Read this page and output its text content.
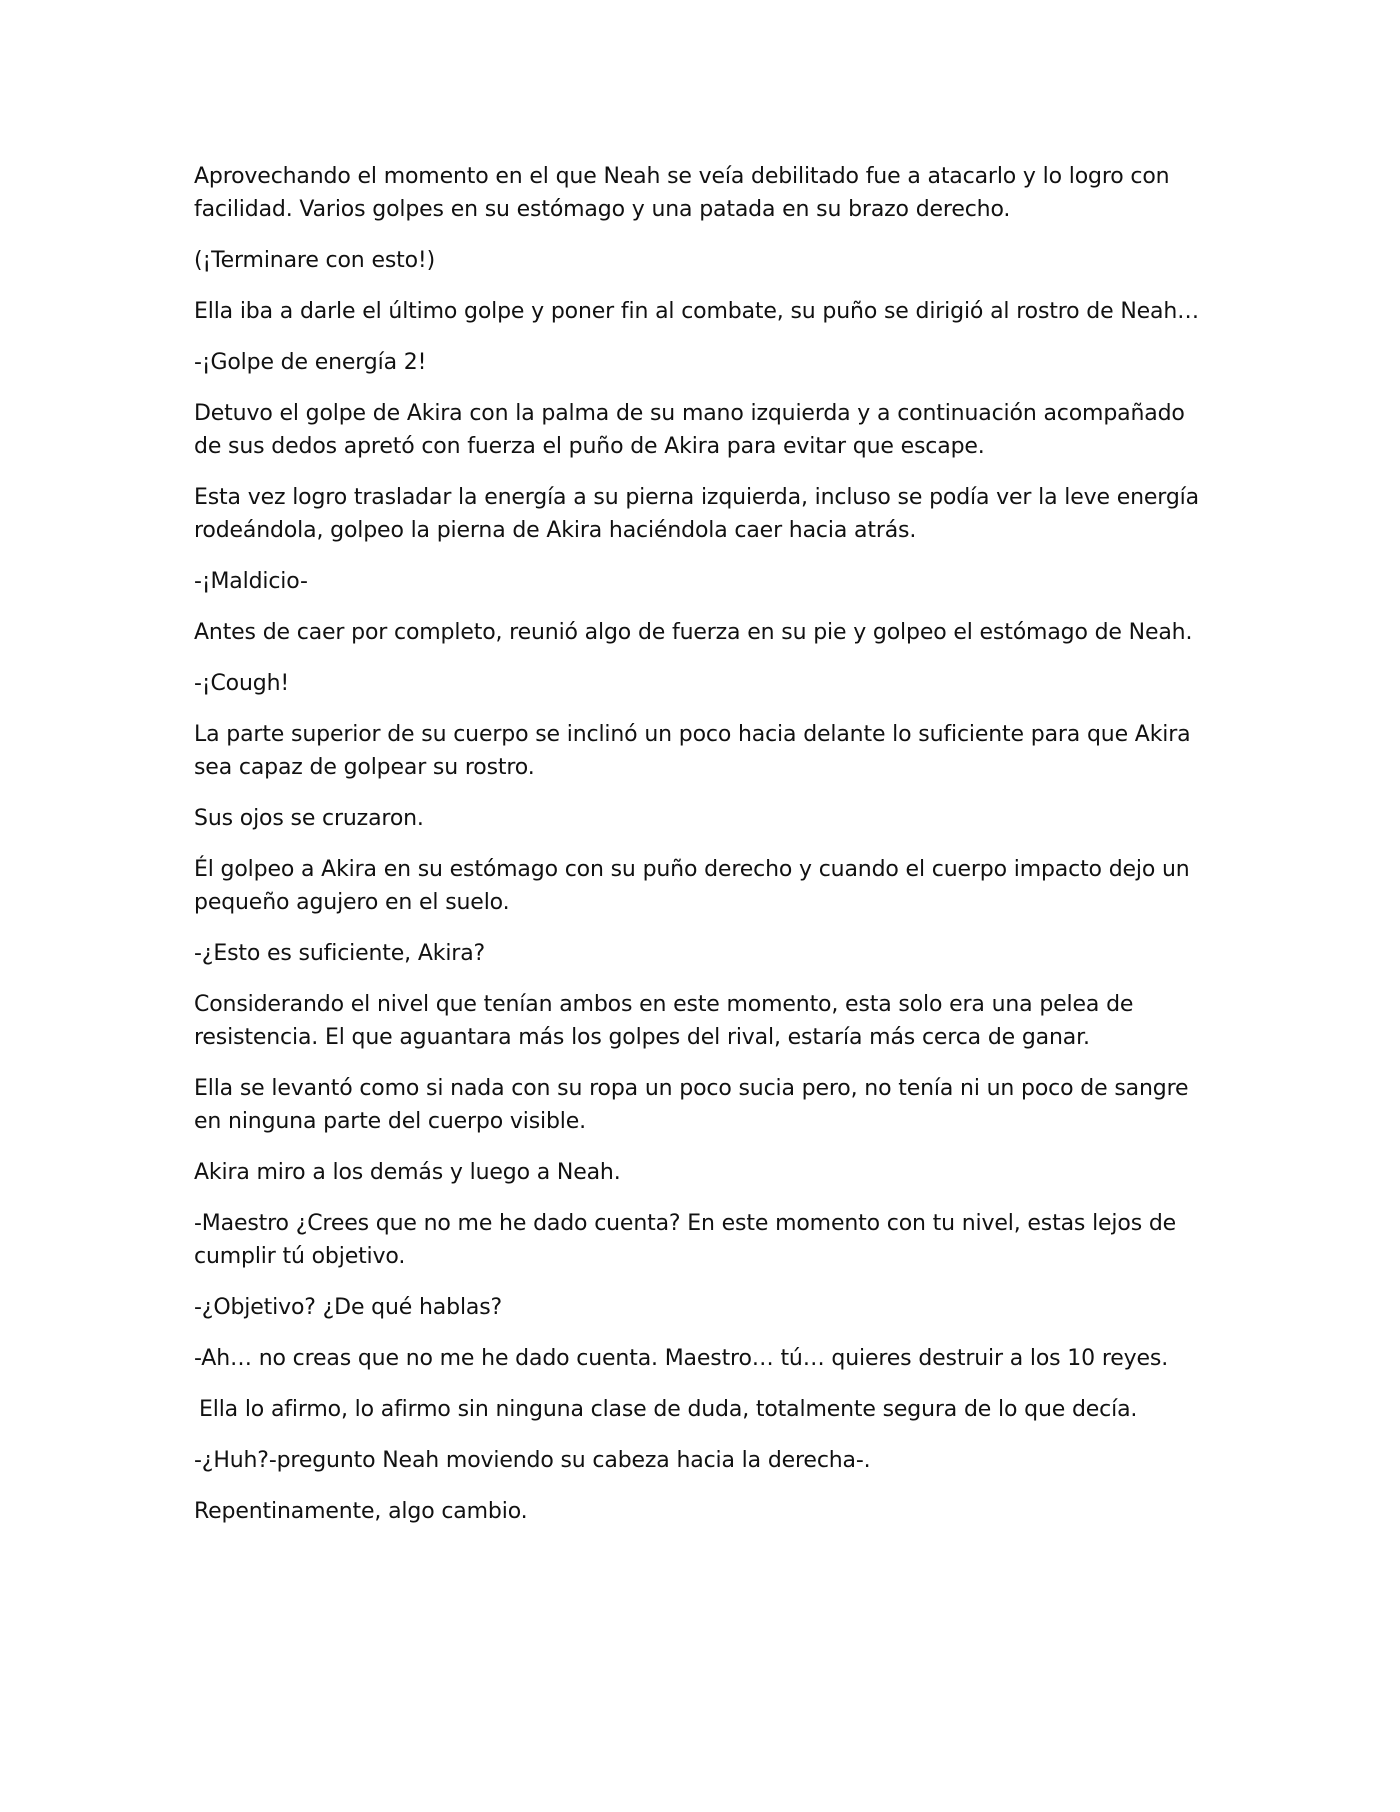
Aprovechando el momento en el que Neah se veía debilitado fue a atacarlo y lo logro con facilidad. Varios golpes en su estómago y una patada en su brazo derecho.

(¡Terminare con esto!)

Ella iba a darle el último golpe y poner fin al combate, su puño se dirigió al rostro de Neah…

-¡Golpe de energía 2!

Detuvo el golpe de Akira con la palma de su mano izquierda y a continuación acompañado de sus dedos apretó con fuerza el puño de Akira para evitar que escape.

Esta vez logro trasladar la energía a su pierna izquierda, incluso se podía ver la leve energía rodeándola, golpeo la pierna de Akira haciéndola caer hacia atrás.

-¡Maldicio-

Antes de caer por completo, reunió algo de fuerza en su pie y golpeo el estómago de Neah.

-¡Cough!

La parte superior de su cuerpo se inclinó un poco hacia delante lo suficiente para que Akira sea capaz de golpear su rostro.

Sus ojos se cruzaron.

Él golpeo a Akira en su estómago con su puño derecho y cuando el cuerpo impacto dejo un pequeño agujero en el suelo.

-¿Esto es suficiente, Akira?

Considerando el nivel que tenían ambos en este momento, esta solo era una pelea de resistencia. El que aguantara más los golpes del rival, estaría más cerca de ganar.

Ella se levantó como si nada con su ropa un poco sucia pero, no tenía ni un poco de sangre en ninguna parte del cuerpo visible.

Akira miro a los demás y luego a Neah.

-Maestro ¿Crees que no me he dado cuenta? En este momento con tu nivel, estas lejos de cumplir tú objetivo.

-¿Objetivo? ¿De qué hablas?

-Ah… no creas que no me he dado cuenta. Maestro… tú… quieres destruir a los 10 reyes.

Ella lo afirmo, lo afirmo sin ninguna clase de duda, totalmente segura de lo que decía.

-¿Huh?-pregunto Neah moviendo su cabeza hacia la derecha-.

Repentinamente, algo cambio.
